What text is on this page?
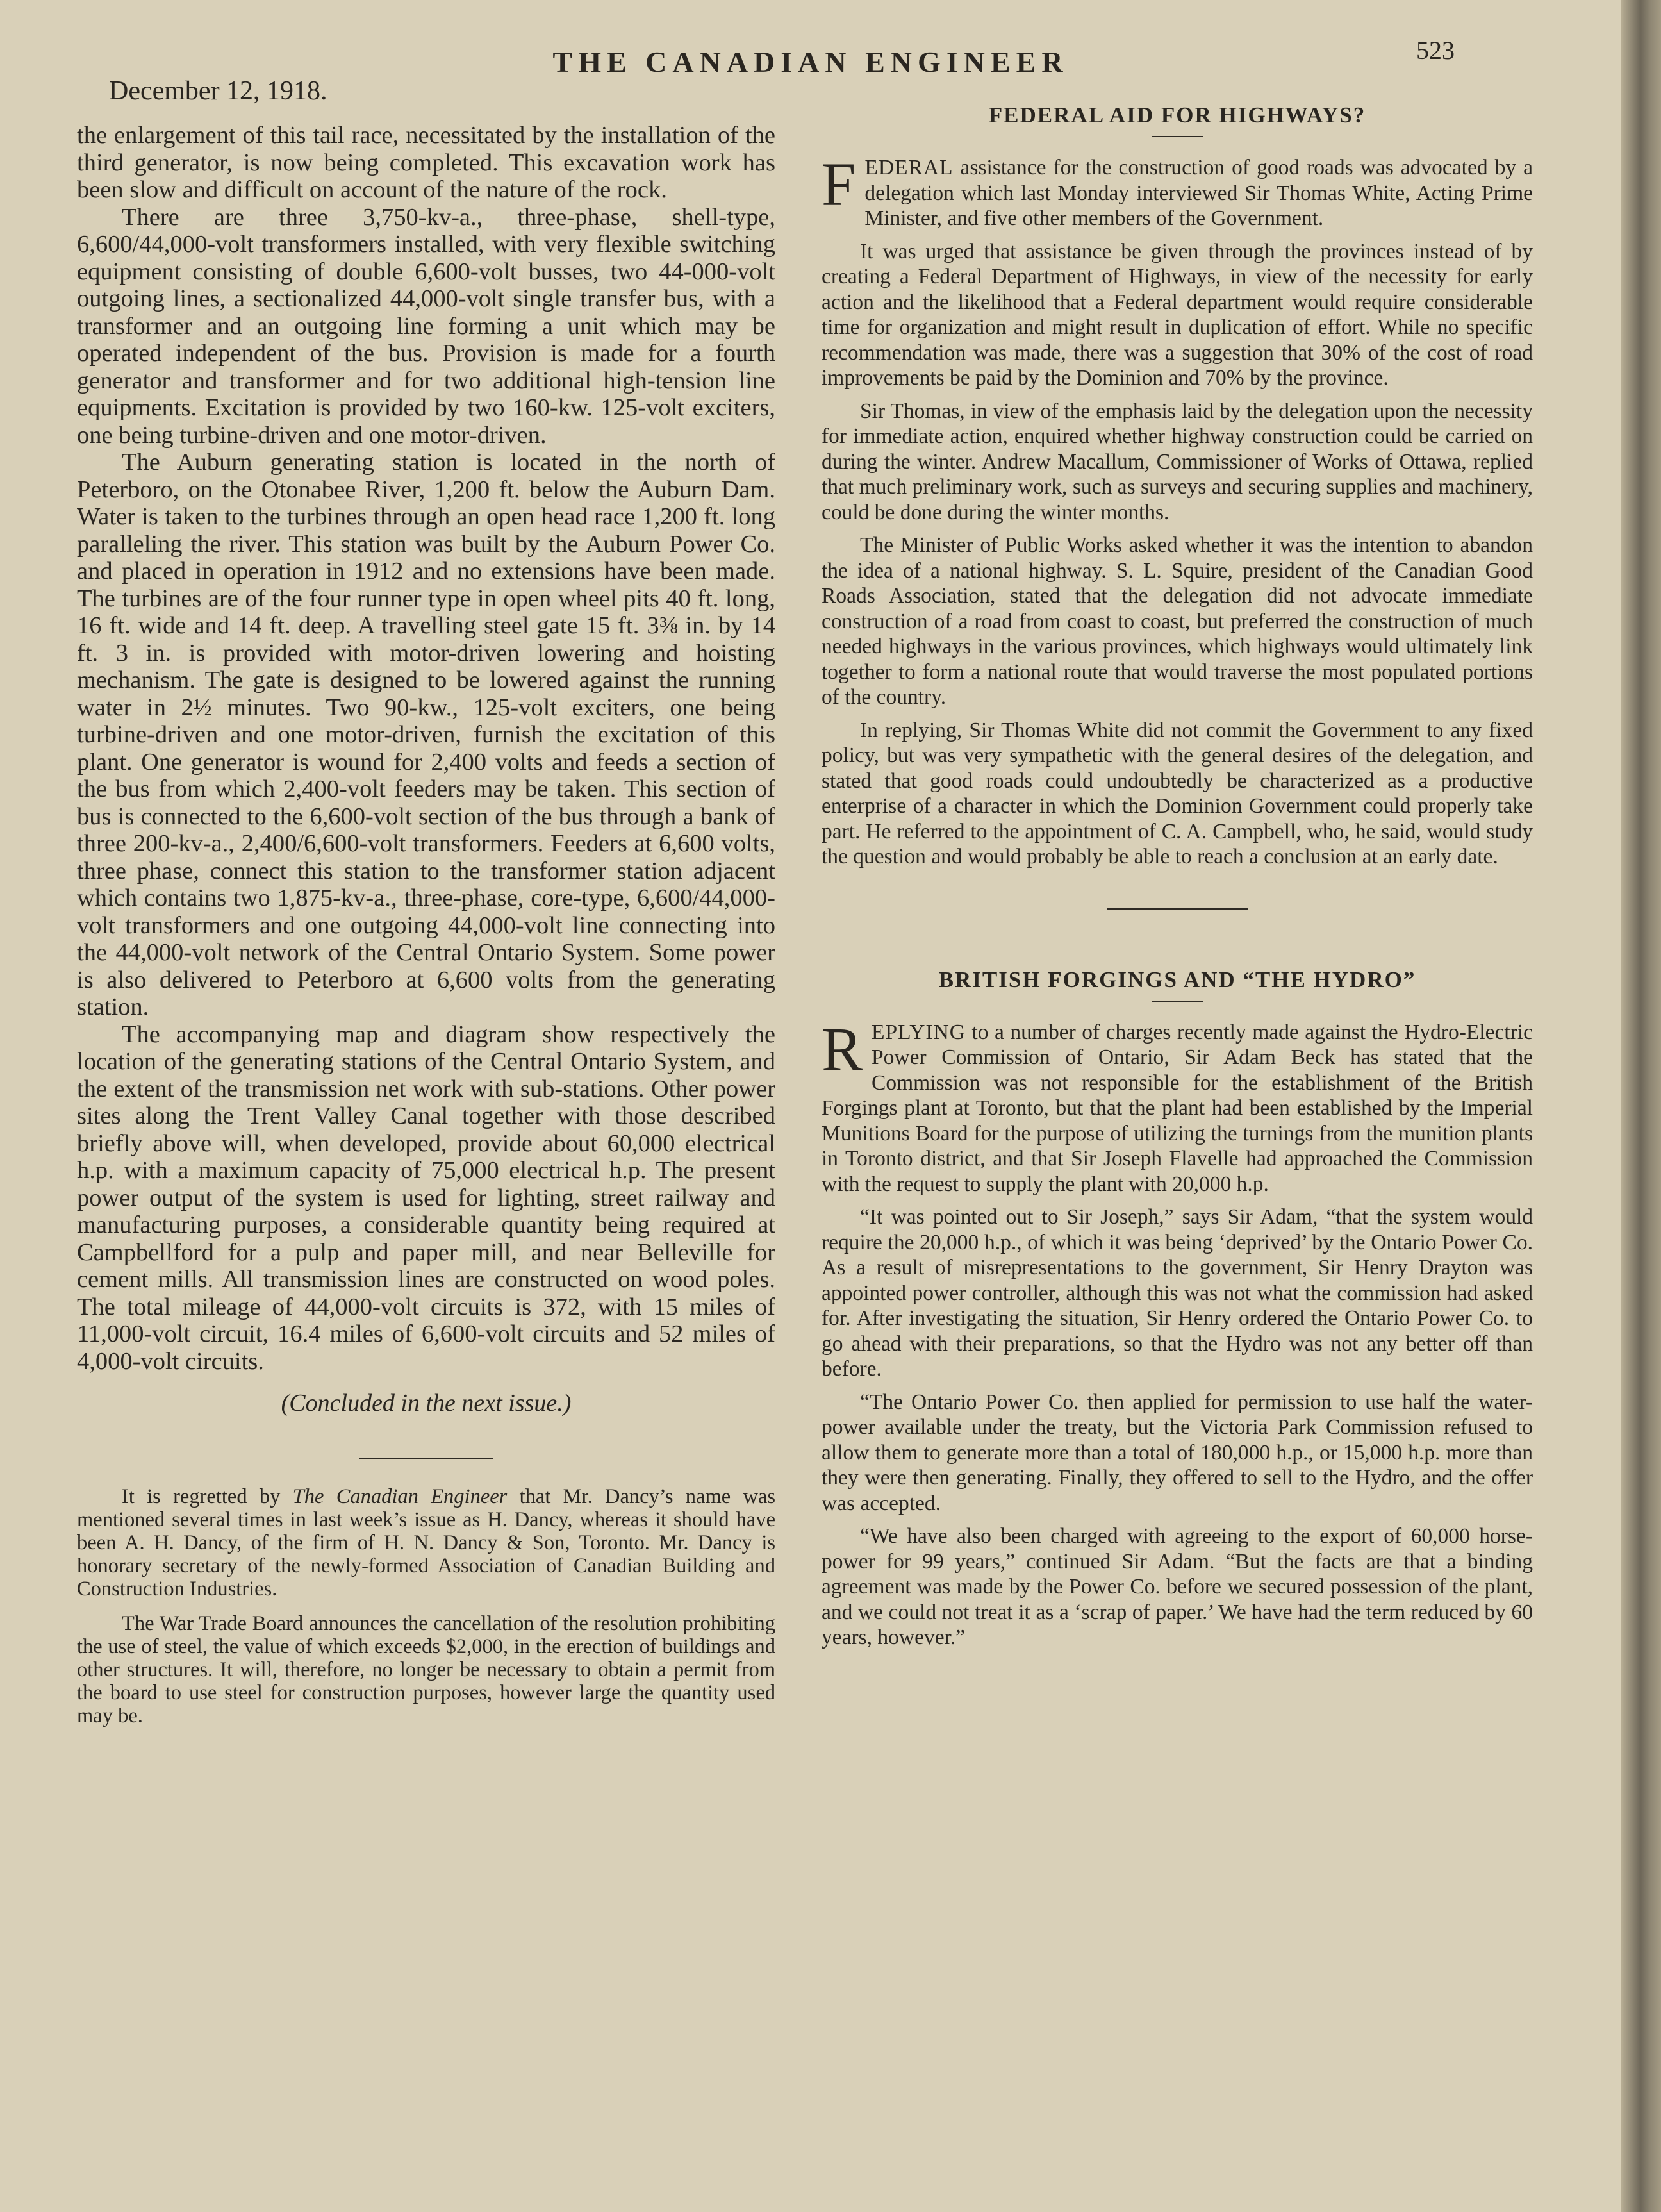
December 12, 1918.
THE CANADIAN ENGINEER	523

the enlargement of this tail race, necessitated by the installation of the third generator, is now being completed. This excavation work has been slow and difficult on account of the nature of the rock.

There are three 3,750-kv-a., three-phase, shell-type, 6,600/44,000-volt transformers installed, with very flexible switching equipment consisting of double 6,600-volt busses, two 44-000-volt outgoing lines, a sectionalized 44,000-volt single transfer bus, with a transformer and an outgoing line forming a unit which may be operated independent of the bus. Provision is made for a fourth generator and transformer and for two additional high-tension line equipments. Excitation is provided by two 160-kw. 125-volt exciters, one being turbine-driven and one motor-driven.

The Auburn generating station is located in the north of Peterboro, on the Otonabee River, 1,200 ft. below the Auburn Dam. Water is taken to the turbines through an open head race 1,200 ft. long paralleling the river. This station was built by the Auburn Power Co. and placed in operation in 1912 and no extensions have been made. The turbines are of the four runner type in open wheel pits 40 ft. long, 16 ft. wide and 14 ft. deep. A travelling steel gate 15 ft. 3⅜ in. by 14 ft. 3 in. is provided with motor-driven lowering and hoisting mechanism. The gate is designed to be lowered against the running water in 2½ minutes. Two 90-kw., 125-volt exciters, one being turbine-driven and one motor-driven, furnish the excitation of this plant. One generator is wound for 2,400 volts and feeds a section of the bus from which 2,400-volt feeders may be taken. This section of bus is connected to the 6,600-volt section of the bus through a bank of three 200-kv-a., 2,400/6,600-volt transformers. Feeders at 6,600 volts, three phase, connect this station to the transformer station adjacent which contains two 1,875-kv-a., three-phase, core-type, 6,600/44,000-volt transformers and one outgoing 44,000-volt line connecting into the 44,000-volt network of the Central Ontario System. Some power is also delivered to Peterboro at 6,600 volts from the generating station.

The accompanying map and diagram show respectively the location of the generating stations of the Central Ontario System, and the extent of the transmission net work with sub-stations. Other power sites along the Trent Valley Canal together with those described briefly above will, when developed, provide about 60,000 electrical h.p. with a maximum capacity of 75,000 electrical h.p. The present power output of the system is used for lighting, street railway and manufacturing purposes, a considerable quantity being required at Campbellford for a pulp and paper mill, and near Belleville for cement mills. All transmission lines are constructed on wood poles. The total mileage of 44,000-volt circuits is 372, with 15 miles of 11,000-volt circuit, 16.4 miles of 6,600-volt circuits and 52 miles of 4,000-volt circuits.

(Concluded in the next issue.)

It is regretted by The Canadian Engineer that Mr. Dancy’s name was mentioned several times in last week’s issue as H. Dancy, whereas it should have been A. H. Dancy, of the firm of H. N. Dancy & Son, Toronto. Mr. Dancy is honorary secretary of the newly-formed Association of Canadian Building and Construction Industries.

The War Trade Board announces the cancellation of the resolution prohibiting the use of steel, the value of which exceeds $2,000, in the erection of buildings and other structures. It will, therefore, no longer be necessary to obtain a permit from the board to use steel for construction purposes, however large the quantity used may be.

FEDERAL AID FOR HIGHWAYS?

FEDERAL assistance for the construction of good roads was advocated by a delegation which last Monday interviewed Sir Thomas White, Acting Prime Minister, and five other members of the Government.

It was urged that assistance be given through the provinces instead of by creating a Federal Department of Highways, in view of the necessity for early action and the likelihood that a Federal department would require considerable time for organization and might result in duplication of effort. While no specific recommendation was made, there was a suggestion that 30% of the cost of road improvements be paid by the Dominion and 70% by the province.

Sir Thomas, in view of the emphasis laid by the delegation upon the necessity for immediate action, enquired whether highway construction could be carried on during the winter. Andrew Macallum, Commissioner of Works of Ottawa, replied that much preliminary work, such as surveys and securing supplies and machinery, could be done during the winter months.

The Minister of Public Works asked whether it was the intention to abandon the idea of a national highway. S. L. Squire, president of the Canadian Good Roads Association, stated that the delegation did not advocate immediate construction of a road from coast to coast, but preferred the construction of much needed highways in the various provinces, which highways would ultimately link together to form a national route that would traverse the most populated portions of the country.

In replying, Sir Thomas White did not commit the Government to any fixed policy, but was very sympathetic with the general desires of the delegation, and stated that good roads could undoubtedly be characterized as a productive enterprise of a character in which the Dominion Government could properly take part. He referred to the appointment of C. A. Campbell, who, he said, would study the question and would probably be able to reach a conclusion at an early date.

BRITISH FORGINGS AND “THE HYDRO”

REPLYING to a number of charges recently made against the Hydro-Electric Power Commission of Ontario, Sir Adam Beck has stated that the Commission was not responsible for the establishment of the British Forgings plant at Toronto, but that the plant had been established by the Imperial Munitions Board for the purpose of utilizing the turnings from the munition plants in Toronto district, and that Sir Joseph Flavelle had approached the Commission with the request to supply the plant with 20,000 h.p.

“It was pointed out to Sir Joseph,” says Sir Adam, “that the system would require the 20,000 h.p., of which it was being ‘deprived’ by the Ontario Power Co. As a result of misrepresentations to the government, Sir Henry Drayton was appointed power controller, although this was not what the commission had asked for. After investigating the situation, Sir Henry ordered the Ontario Power Co. to go ahead with their preparations, so that the Hydro was not any better off than before.

“The Ontario Power Co. then applied for permission to use half the water-power available under the treaty, but the Victoria Park Commission refused to allow them to generate more than a total of 180,000 h.p., or 15,000 h.p. more than they were then generating. Finally, they offered to sell to the Hydro, and the offer was accepted.

“We have also been charged with agreeing to the export of 60,000 horse-power for 99 years,” continued Sir Adam. “But the facts are that a binding agreement was made by the Power Co. before we secured possession of the plant, and we could not treat it as a ‘scrap of paper.’ We have had the term reduced by 60 years, however.”
